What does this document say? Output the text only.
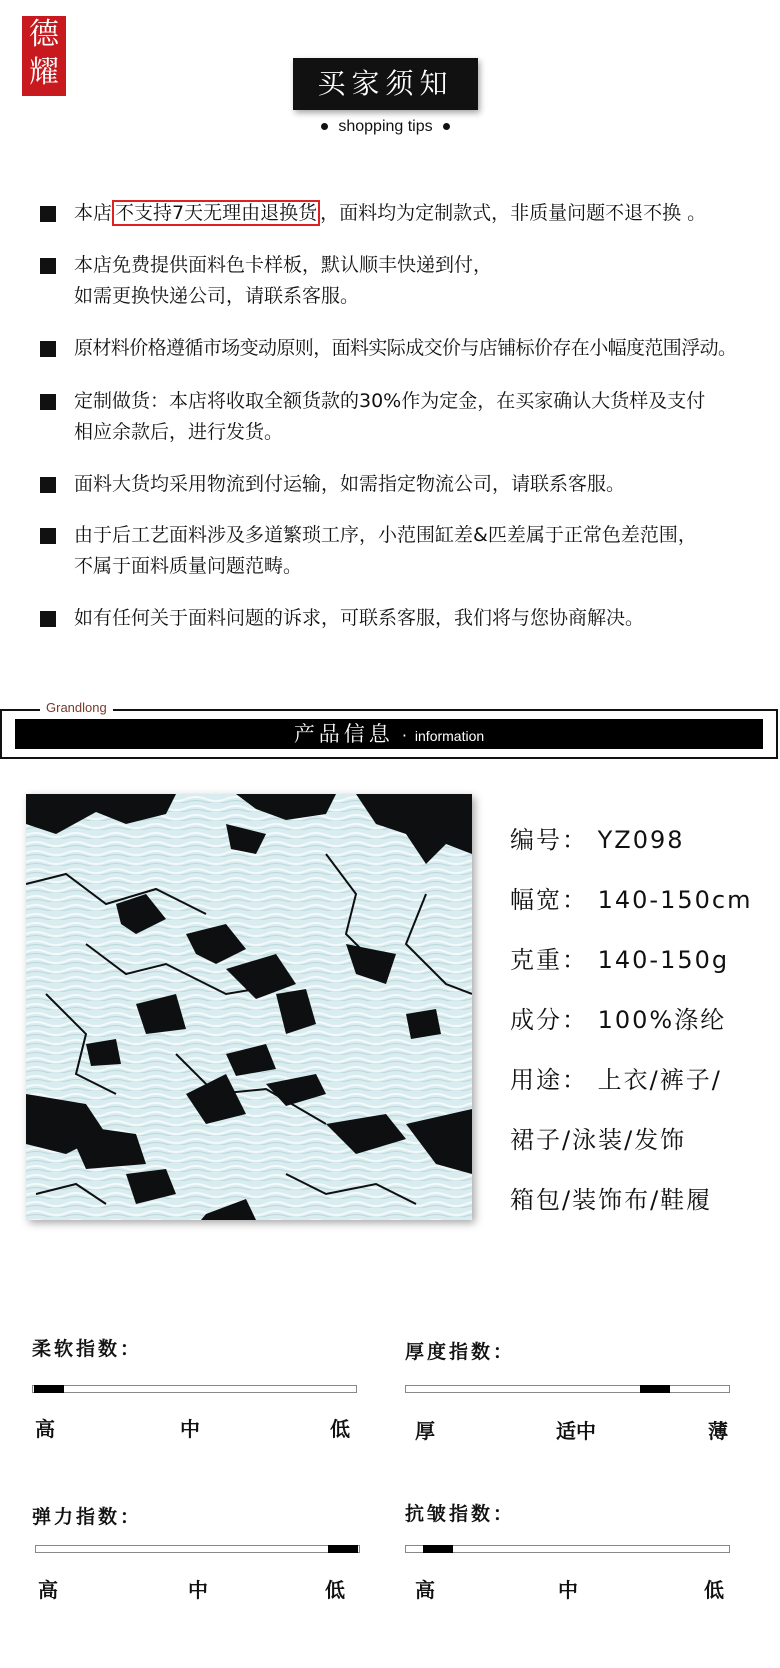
德
耀	买家须知
shopping tips
本店 不支持7天无理由退换货 ，面料均为定制款式，非质量问题不退不换 。
本店免费提供面料色卡样板，默认顺丰快递到付，
如需更换快递公司，请联系客服。
原材料价格遵循市场变动原则，面料实际成交价与店铺标价存在小幅度范围浮动。
定制做货：本店将收取全额货款的30%作为定金，在买家确认大货样及支付
相应余款后，进行发货。
面料大货均采用物流到付运输，如需指定物流公司，请联系客服。
由于后工艺面料涉及多道繁琐工序，小范围缸差&匹差属于正常色差范围，
不属于面料质量问题范畴。
如有任何关于面料问题的诉求，可联系客服，我们将与您协商解决。
Grandlong
产品信息 · information
编号： YZ098
幅宽： 140-150cm
克重： 140-150g
成分： 100%涤纶
用途： 上衣/裤子/
裙子/泳装/发饰
箱包/装饰布/鞋履
柔软指数：
高	中	低
厚度指数：
厚	适中	薄
弹力指数：
高	中	低
抗皱指数：
高	中	低
